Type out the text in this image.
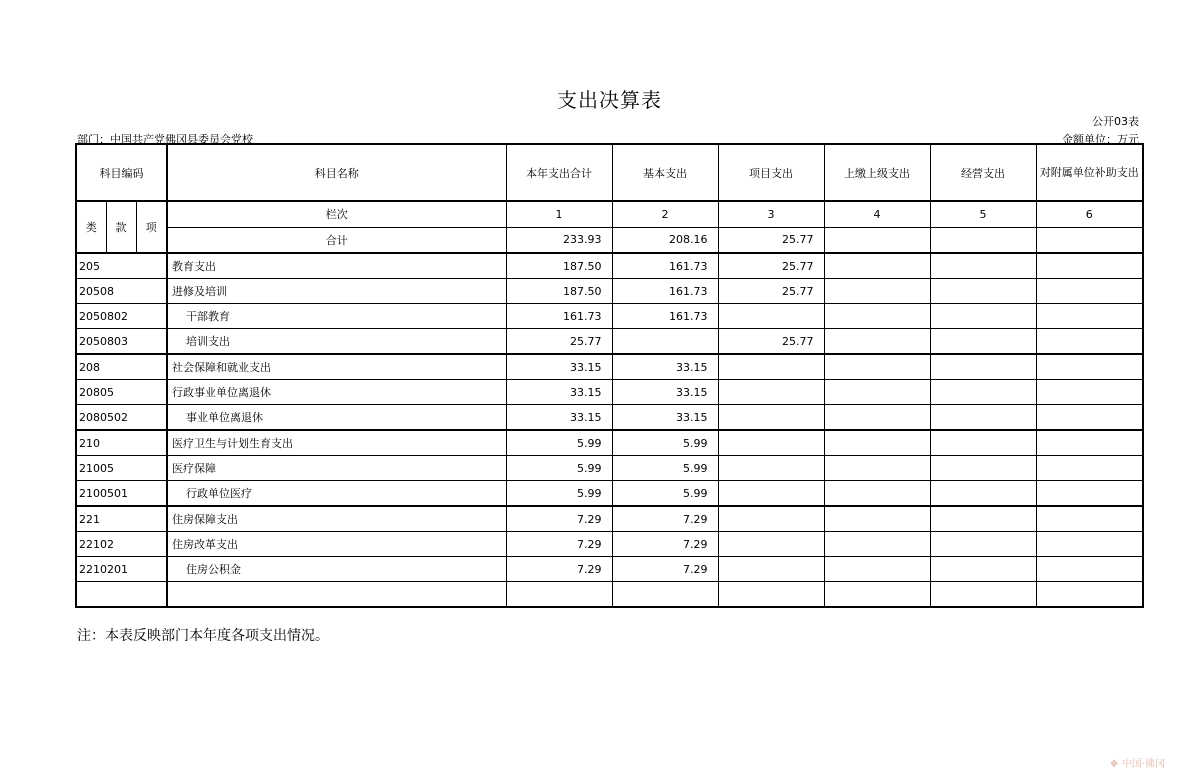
支出决算表
公开03表
部门：中国共产党佛冈县委员会党校	金额单位：万元
科目编码			科目名称	本年支出合计	基本支出	项目支出	上缴上级支出	经营支出	对附属单位补助支出
类	款	项	栏次	1	2	3	4	5	6
			合计	233.93	208.16	25.77			
205			教育支出	187.50	161.73	25.77			
20508			进修及培训	187.50	161.73	25.77			
2050802			干部教育	161.73	161.73				
2050803			培训支出	25.77		25.77			
208			社会保障和就业支出	33.15	33.15				
20805			行政事业单位离退休	33.15	33.15				
2080502			事业单位离退休	33.15	33.15				
210			医疗卫生与计划生育支出	5.99	5.99				
21005			医疗保障	5.99	5.99				
2100501			行政单位医疗	5.99	5.99				
221			住房保障支出	7.29	7.29				
22102			住房改革支出	7.29	7.29				
2210201			住房公积金	7.29	7.29				

注：本表反映部门本年度各项支出情况。
❖ 中国·佛冈
